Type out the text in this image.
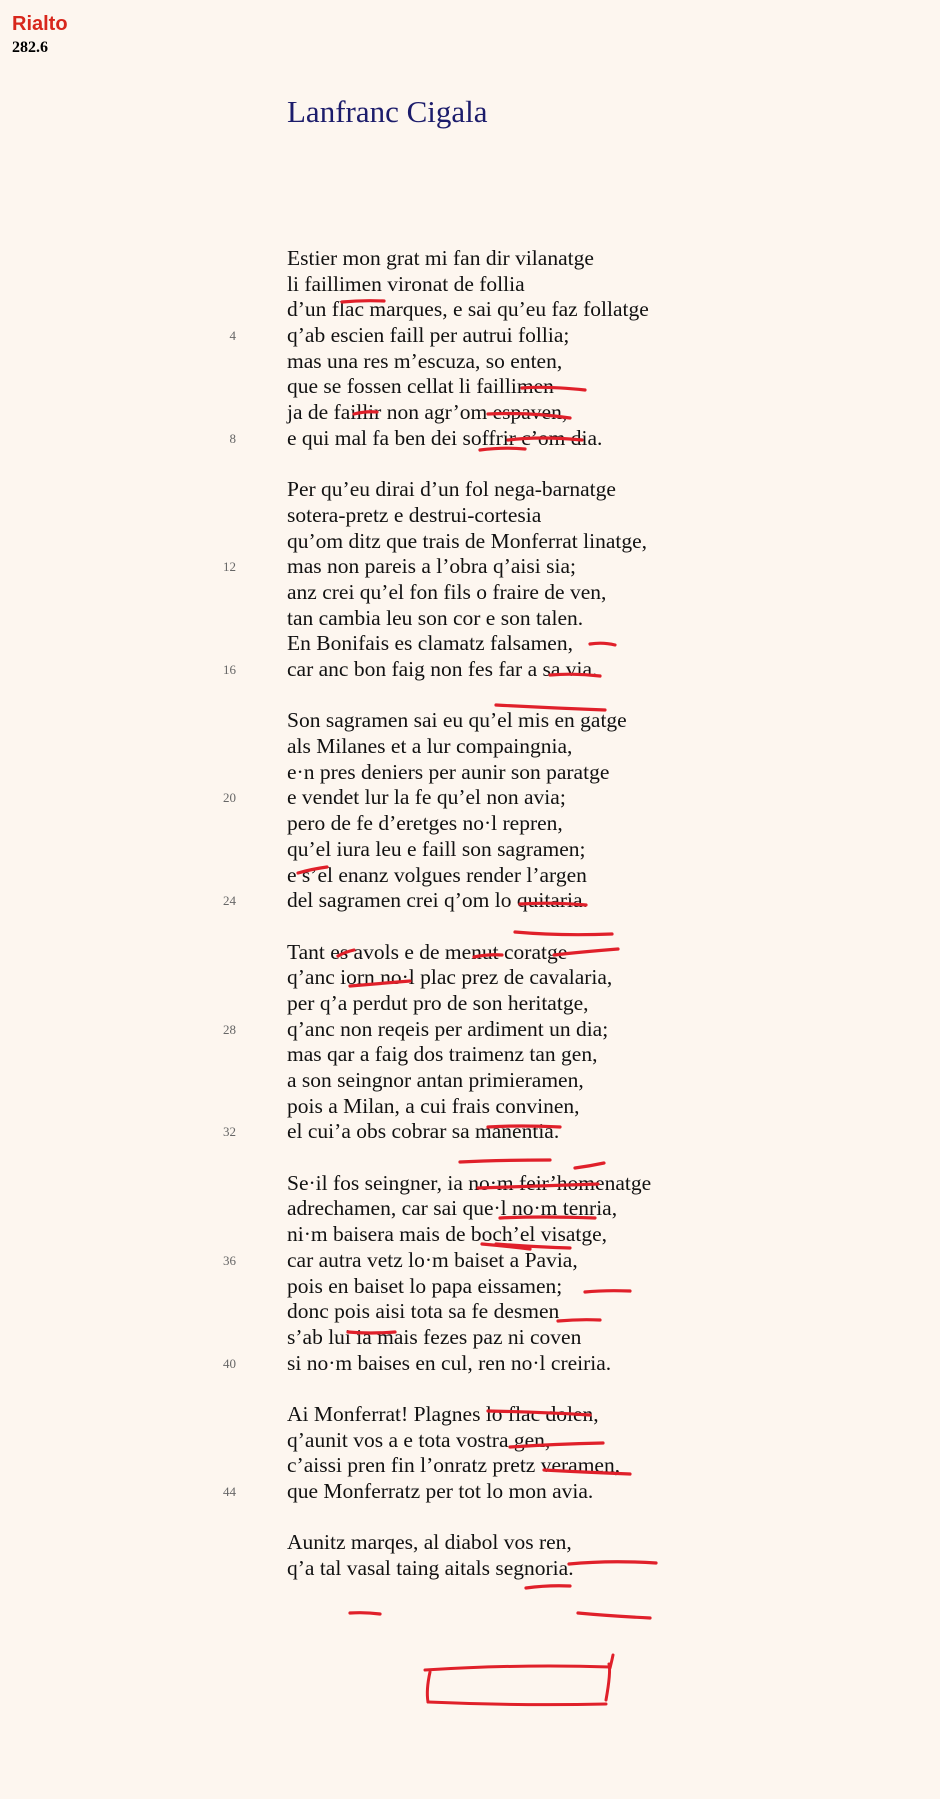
Rialto
282.6
Lanfranc Cigala
Estier mon grat mi fan dir vilanatge
li faillimen vironat de follia
d’un flac marques, e sai qu’eu faz follatge
4 q’ab escien faill per autrui follia;
mas una res m’escuza, so enten,
que se fossen cellat li faillimen
ja de faillir non agr’om espaven,
8 e qui mal fa ben dei soffrir c’om dia.
Per qu’eu dirai d’un fol nega-barnatge
sotera-pretz e destrui-cortesia
qu’om ditz que trais de Monferrat linatge,
12 mas non pareis a l’obra q’aisi sia;
anz crei qu’el fon fils o fraire de ven,
tan cambia leu son cor e son talen.
En Bonifais es clamatz falsamen,
16 car anc bon faig non fes far a sa via.
Son sagramen sai eu qu’el mis en gatge
als Milanes et a lur compaingnia,
e·n pres deniers per aunir son paratge
20 e vendet lur la fe qu’el non avia;
pero de fe d’eretges no·l repren,
qu’el iura leu e faill son sagramen;
e s’el enanz volgues render l’argen
24 del sagramen crei q’om lo quitaria.
Tant es avols e de menut coratge
q’anc iorn no·l plac prez de cavalaria,
per q’a perdut pro de son heritatge,
28 q’anc non reqeis per ardiment un dia;
mas qar a faig dos traimenz tan gen,
a son seingnor antan primieramen,
pois a Milan, a cui frais convinen,
32 el cui’a obs cobrar sa manentia.
Se·il fos seingner, ia no·m feir’homenatge
adrechamen, car sai que·l no·m tenria,
ni·m baisera mais de boch’el visatge,
36 car autra vetz lo·m baiset a Pavia,
pois en baiset lo papa eissamen;
donc pois aisi tota sa fe desmen
s’ab lui ia mais fezes paz ni coven
40 si no·m baises en cul, ren no·l creiria.
Ai Monferrat! Plagnes lo flac dolen,
q’aunit vos a e tota vostra gen,
c’aissi pren fin l’onratz pretz veramen,
44 que Monferratz per tot lo mon avia.
Aunitz marqes, al diabol vos ren,
q’a tal vasal taing aitals segnoria.
